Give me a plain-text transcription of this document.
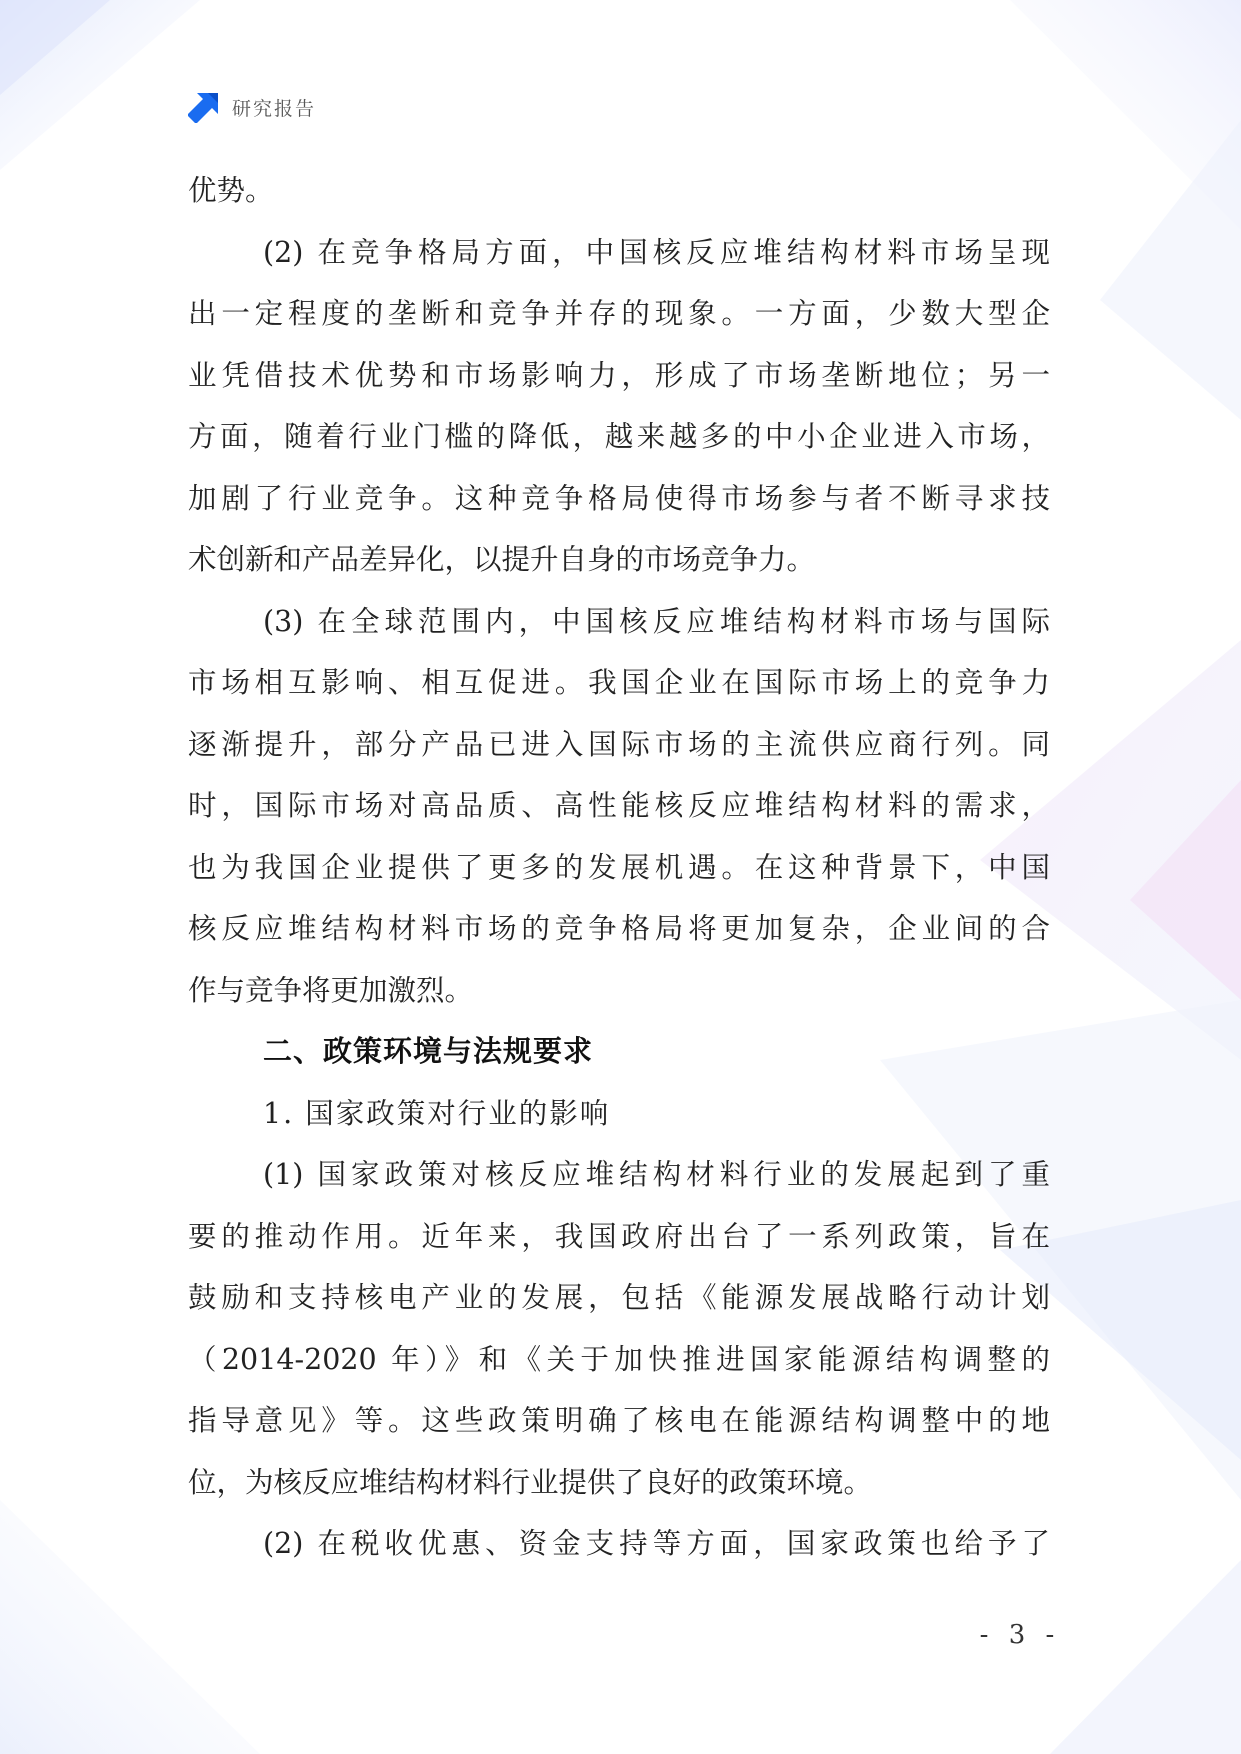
研究报告
优势。
(2) 在竞争格局方面，中国核反应堆结构材料市场呈现
出一定程度的垄断和竞争并存的现象。一方面，少数大型企
业凭借技术优势和市场影响力，形成了市场垄断地位；另一
方面，随着行业门槛的降低，越来越多的中小企业进入市场，
加剧了行业竞争。这种竞争格局使得市场参与者不断寻求技
术创新和产品差异化，以提升自身的市场竞争力。
(3) 在全球范围内，中国核反应堆结构材料市场与国际
市场相互影响、相互促进。我国企业在国际市场上的竞争力
逐渐提升，部分产品已进入国际市场的主流供应商行列。同
时，国际市场对高品质、高性能核反应堆结构材料的需求，
也为我国企业提供了更多的发展机遇。在这种背景下，中国
核反应堆结构材料市场的竞争格局将更加复杂，企业间的合
作与竞争将更加激烈。
二、政策环境与法规要求
1. 国家政策对行业的影响
(1) 国家政策对核反应堆结构材料行业的发展起到了重
要的推动作用。近年来，我国政府出台了一系列政策，旨在
鼓励和支持核电产业的发展，包括《能源发展战略行动计划
（2014-2020 年）》和《关于加快推进国家能源结构调整的
指导意见》等。这些政策明确了核电在能源结构调整中的地
位，为核反应堆结构材料行业提供了良好的政策环境。
(2) 在税收优惠、资金支持等方面，国家政策也给予了
- 3 -
